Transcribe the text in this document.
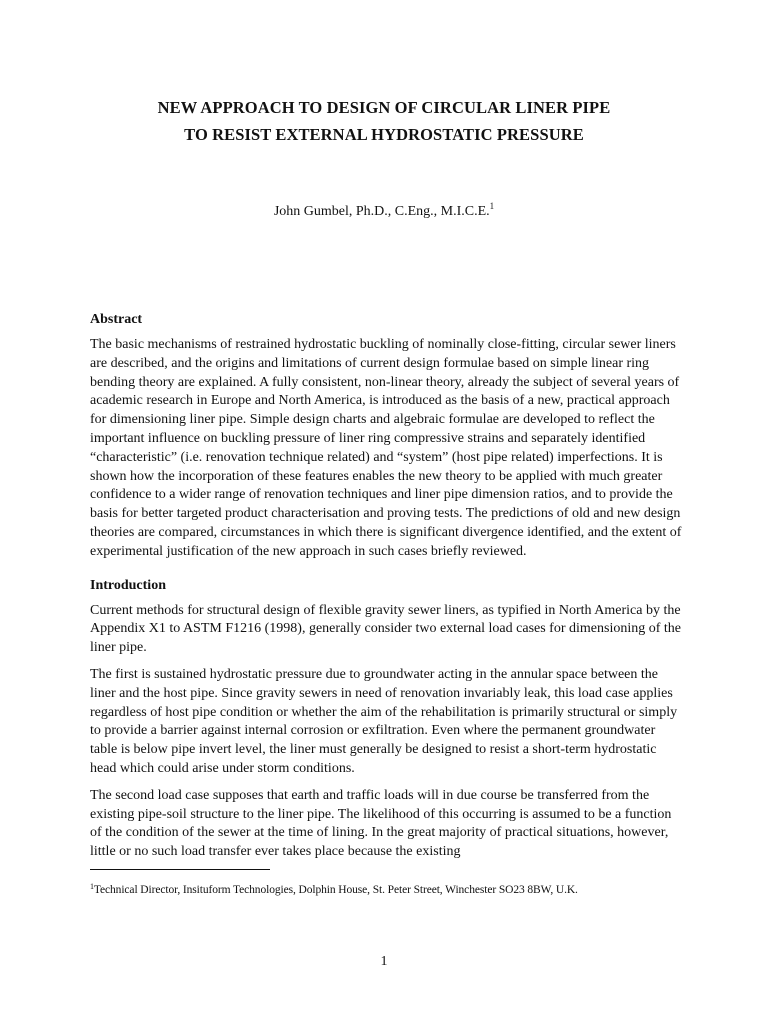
NEW APPROACH TO DESIGN OF CIRCULAR LINER PIPE
TO RESIST EXTERNAL HYDROSTATIC PRESSURE
John Gumbel, Ph.D., C.Eng., M.I.C.E.$^1$
Abstract

The basic mechanisms of restrained hydrostatic buckling of nominally close-fitting, circular sewer liners are described, and the origins and limitations of current design formulae based on simple linear ring bending theory are explained. A fully consistent, non-linear theory, already the subject of several years of academic research in Europe and North America, is introduced as the basis of a new, practical approach for dimensioning liner pipe. Simple design charts and algebraic formulae are developed to reflect the important influence on buckling pressure of liner ring compressive strains and separately identified “characteristic” (i.e. renovation technique related) and “system” (host pipe related) imperfections. It is shown how the incorporation of these features enables the new theory to be applied with much greater confidence to a wider range of renovation techniques and liner pipe dimension ratios, and to provide the basis for better targeted product characterisation and proving tests. The predictions of old and new design theories are compared, circumstances in which there is significant divergence identified, and the extent of experimental justification of the new approach in such cases briefly reviewed.

Introduction

Current methods for structural design of flexible gravity sewer liners, as typified in North America by the Appendix X1 to ASTM F1216 (1998), generally consider two external load cases for dimensioning of the liner pipe.

The first is sustained hydrostatic pressure due to groundwater acting in the annular space between the liner and the host pipe. Since gravity sewers in need of renovation invariably leak, this load case applies regardless of host pipe condition or whether the aim of the rehabilitation is primarily structural or simply to provide a barrier against internal corrosion or exfiltration. Even where the permanent groundwater table is below pipe invert level, the liner must generally be designed to resist a short-term hydrostatic head which could arise under storm conditions.

The second load case supposes that earth and traffic loads will in due course be transferred from the existing pipe-soil structure to the liner pipe. The likelihood of this occurring is assumed to be a function of the condition of the sewer at the time of lining. In the great majority of practical situations, however, little or no such load transfer ever takes place because the existing

$^1$Technical Director, Insituform Technologies, Dolphin House, St. Peter Street, Winchester SO23 8BW, U.K.
1
